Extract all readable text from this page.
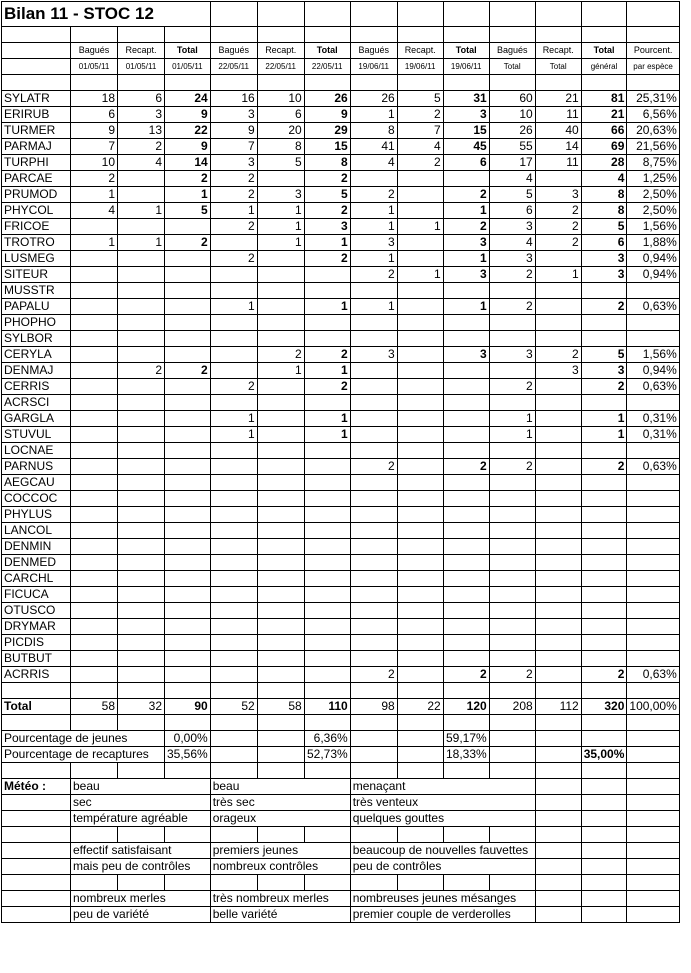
Bilan 11 - STOC 12													

	Bagués	Recapt.	Total	Bagués	Recapt.	Total	Bagués	Recapt.	Total	Bagués	Recapt.	Total	Pourcent.
	01/05/11	01/05/11	01/05/11	22/05/11	22/05/11	22/05/11	19/06/11	19/06/11	19/06/11	Total	Total	général	par espèce

SYLATR	18	6	24	16	10	26	26	5	31	60	21	81	25,31%
ERIRUB	6	3	9	3	6	9	1	2	3	10	11	21	6,56%
TURMER	9	13	22	9	20	29	8	7	15	26	40	66	20,63%
PARMAJ	7	2	9	7	8	15	41	4	45	55	14	69	21,56%
TURPHI	10	4	14	3	5	8	4	2	6	17	11	28	8,75%
PARCAE	2		2	2		2				4		4	1,25%
PRUMOD	1		1	2	3	5	2		2	5	3	8	2,50%
PHYCOL	4	1	5	1	1	2	1		1	6	2	8	2,50%
FRICOE				2	1	3	1	1	2	3	2	5	1,56%
TROTRO	1	1	2		1	1	3		3	4	2	6	1,88%
LUSMEG				2		2	1		1	3		3	0,94%
SITEUR							2	1	3	2	1	3	0,94%
MUSSTR													
PAPALU				1		1	1		1	2		2	0,63%
PHOPHO													
SYLBOR													
CERYLA					2	2	3		3	3	2	5	1,56%
DENMAJ		2	2		1	1					3	3	0,94%
CERRIS				2		2				2		2	0,63%
ACRSCI													
GARGLA				1		1				1		1	0,31%
STUVUL				1		1				1		1	0,31%
LOCNAE													
PARNUS							2		2	2		2	0,63%
AEGCAU													
COCCOC													
PHYLUS													
LANCOL													
DENMIN													
DENMED													
CARCHL													
FICUCA													
OTUSCO													
DRYMAR													
PICDIS													
BUTBUT													
ACRRIS							2		2	2		2	0,63%

Total	58	32	90	52	58	110	98	22	120	208	112	320	100,00%

Pourcentage de jeunes			0,00%			6,36%			59,17%				
Pourcentage de recaptures			35,56%			52,73%			18,33%			35,00%	

Météo :	beau			beau			menaçant						
	sec			très sec			très venteux						
	température agréable			orageux			quelques gouttes						

	effectif satisfaisant			premiers jeunes			beaucoup de nouvelles fauvettes						
	mais peu de contrôles			nombreux contrôles			peu de contrôles						

	nombreux merles			très nombreux merles			nombreuses jeunes mésanges						
	peu de variété			belle variété			premier couple de verderolles						
